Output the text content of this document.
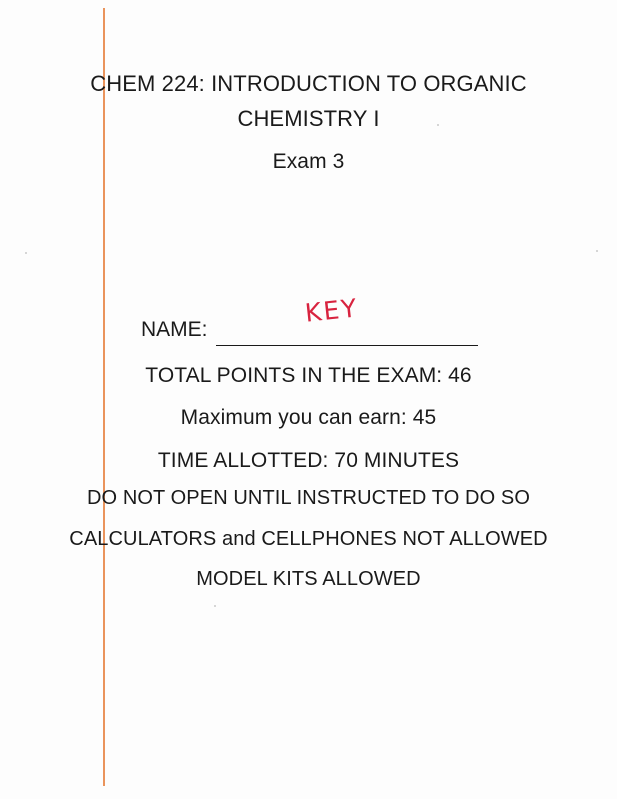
CHEM 224: INTRODUCTION TO ORGANIC
CHEMISTRY I
Exam 3
NAME:
KEY
TOTAL POINTS IN THE EXAM: 46
Maximum you can earn: 45
TIME ALLOTTED: 70 MINUTES
DO NOT OPEN UNTIL INSTRUCTED TO DO SO
CALCULATORS and CELLPHONES NOT ALLOWED
MODEL KITS ALLOWED
